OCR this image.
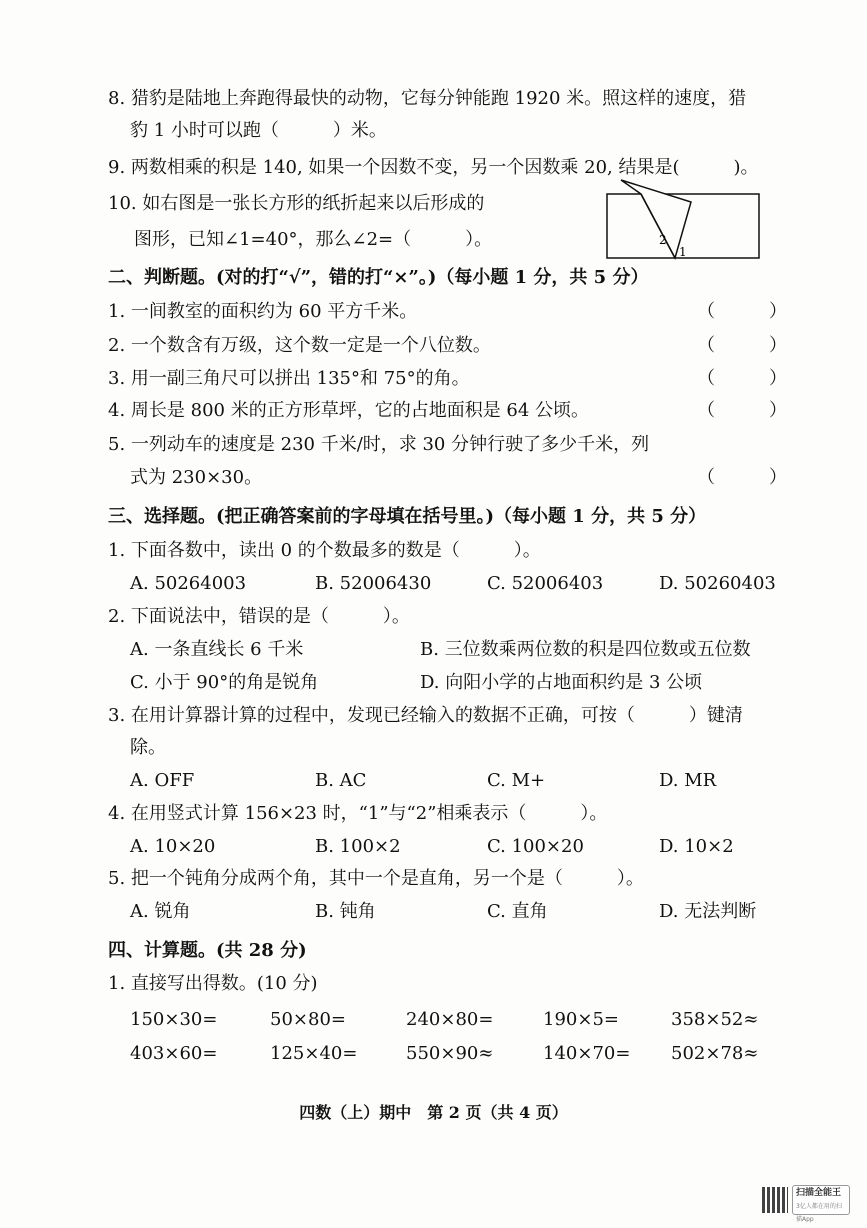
8. 猎豹是陆地上奔跑得最快的动物，它每分钟能跑 1920 米。照这样的速度，猎
豹 1 小时可以跑（　　　）米。
9. 两数相乘的积是 140, 如果一个因数不变，另一个因数乘 20, 结果是(　　　)。
10. 如右图是一张长方形的纸折起来以后形成的
图形，已知∠1=40°，那么∠2=（　　　）。	2
1
二、判断题。(对的打“√”，错的打“×”。)（每小题 1 分，共 5 分）
1. 一间教室的面积约为 60 平方千米。	（　　　）
2. 一个数含有万级，这个数一定是一个八位数。	（　　　）
3. 用一副三角尺可以拼出 135°和 75°的角。	（　　　）
4. 周长是 800 米的正方形草坪，它的占地面积是 64 公顷。	（　　　）
5. 一列动车的速度是 230 千米/时，求 30 分钟行驶了多少千米，列
式为 230×30。	（　　　）
三、选择题。(把正确答案前的字母填在括号里。)（每小题 1 分，共 5 分）
1. 下面各数中，读出 0 的个数最多的数是（　　　）。
A. 50264003	B. 52006430	C. 52006403	D. 50260403
2. 下面说法中，错误的是（　　　）。
A. 一条直线长 6 千米	B. 三位数乘两位数的积是四位数或五位数
C. 小于 90°的角是锐角	D. 向阳小学的占地面积约是 3 公顷
3. 在用计算器计算的过程中，发现已经输入的数据不正确，可按（　　　）键清
除。
A. OFF	B. AC	C. M+	D. MR
4. 在用竖式计算 156×23 时，“1”与“2”相乘表示（　　　）。
A. 10×20	B. 100×2	C. 100×20	D. 10×2
5. 把一个钝角分成两个角，其中一个是直角，另一个是（　　　）。
A. 锐角	B. 钝角	C. 直角	D. 无法判断
四、计算题。(共 28 分)
1. 直接写出得数。(10 分)
150×30=	50×80=	240×80=	190×5=	358×52≈
403×60=	125×40=	550×90≈	140×70=	502×78≈
四数（上）期中　第 2 页（共 4 页）
扫描全能王
3亿人都在用的扫描App
